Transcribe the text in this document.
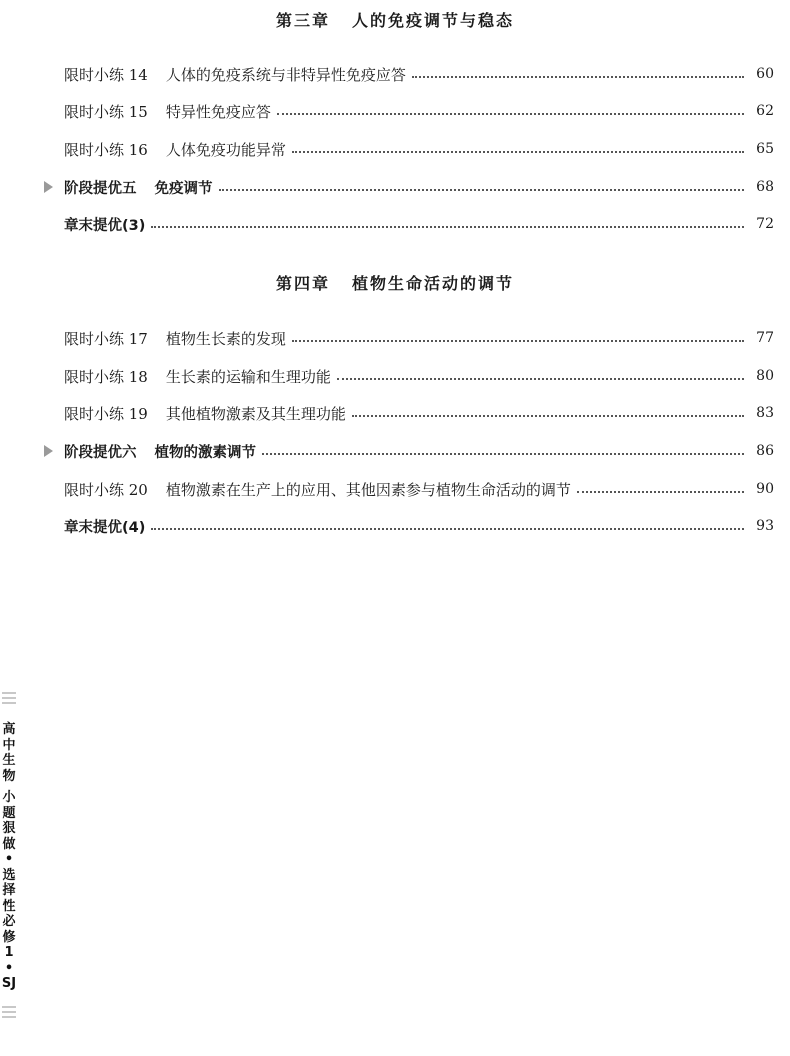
第三章 人的免疫调节与稳态
限时小练 14 人体的免疫系统与非特异性免疫应答	60
限时小练 15 特异性免疫应答	62
限时小练 16 人体免疫功能异常	65
阶段提优五 免疫调节	68
章末提优(3)	72
第四章 植物生命活动的调节
限时小练 17 植物生长素的发现	77
限时小练 18 生长素的运输和生理功能	80
限时小练 19 其他植物激素及其生理功能	83
阶段提优六 植物的激素调节	86
限时小练 20 植物激素在生产上的应用、其他因素参与植物生命活动的调节	90
章末提优(4)	93
高
中
生
物
小
题
狠
做
•
选
择
性
必
修
1
•
SJ
